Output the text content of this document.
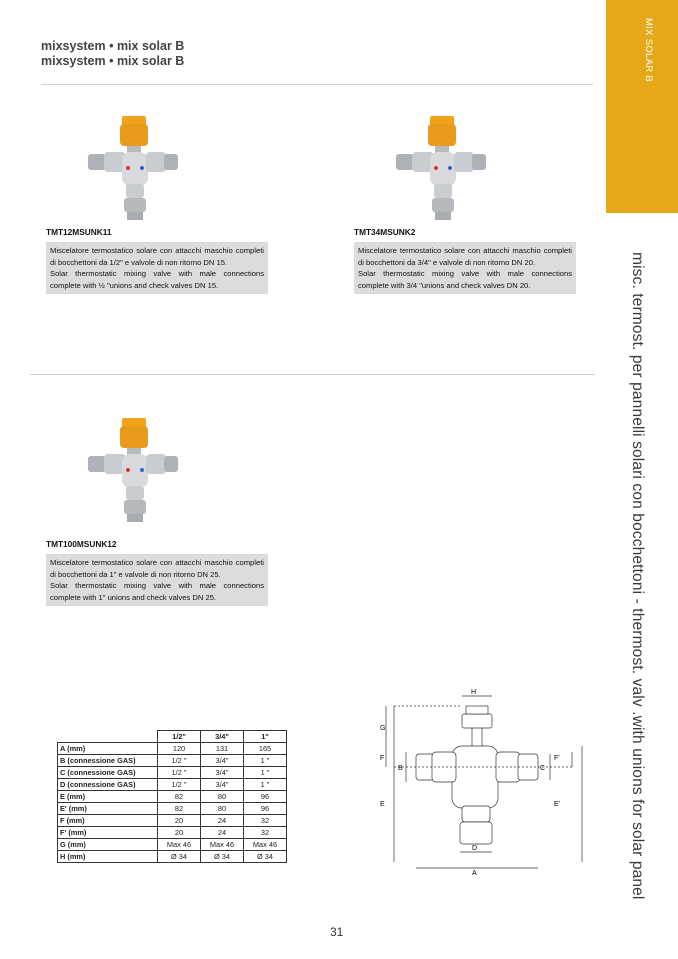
mixsystem • mix solar B
mixsystem • mix solar B	MIX SOLAR B
misc. termost. per pannelli solari con bocchettoni - thermost. valv .with unions for solar panel
TMT12MSUNK11

Miscelatore termostatico solare con attacchi maschio completi di bocchettoni da 1/2" e valvole di non ritorno DN 15.

Solar thermostatic mixing valve with male connections complete with ½ "unions and check valves DN 15.

TMT34MSUNK2

Miscelatore termostatico solare con attacchi maschio completi di bocchettoni da 3/4" e valvole di non ritorno DN 20.

Solar thermostatic mixing valve with male connections complete with 3/4 "unions and check valves DN 20.

TMT100MSUNK12

Miscelatore termostatico solare con attacchi maschio completi di bocchettoni da 1" e valvole di non ritorno DN 25.

Solar thermostatic mixing valve with male connections complete with 1" unions and check valves DN 25.

	1/2"	3/4"	1"
A (mm)	120	131	165
B (connessione GAS)	1/2 "	3/4"	1 "
C (connessione GAS)	1/2 "	3/4"	1 "
D (connessione GAS)	1/2 "	3/4"	1 "
E (mm)	82	80	96
E' (mm)	82	80	96
F (mm)	20	24	32
F' (mm)	20	24	32
G (mm)	Max 46	Max 46	Max 46
H (mm)	Ø 34	Ø 34	Ø 34
H
G
F
B
E
C
F'
E'
D
A
31
